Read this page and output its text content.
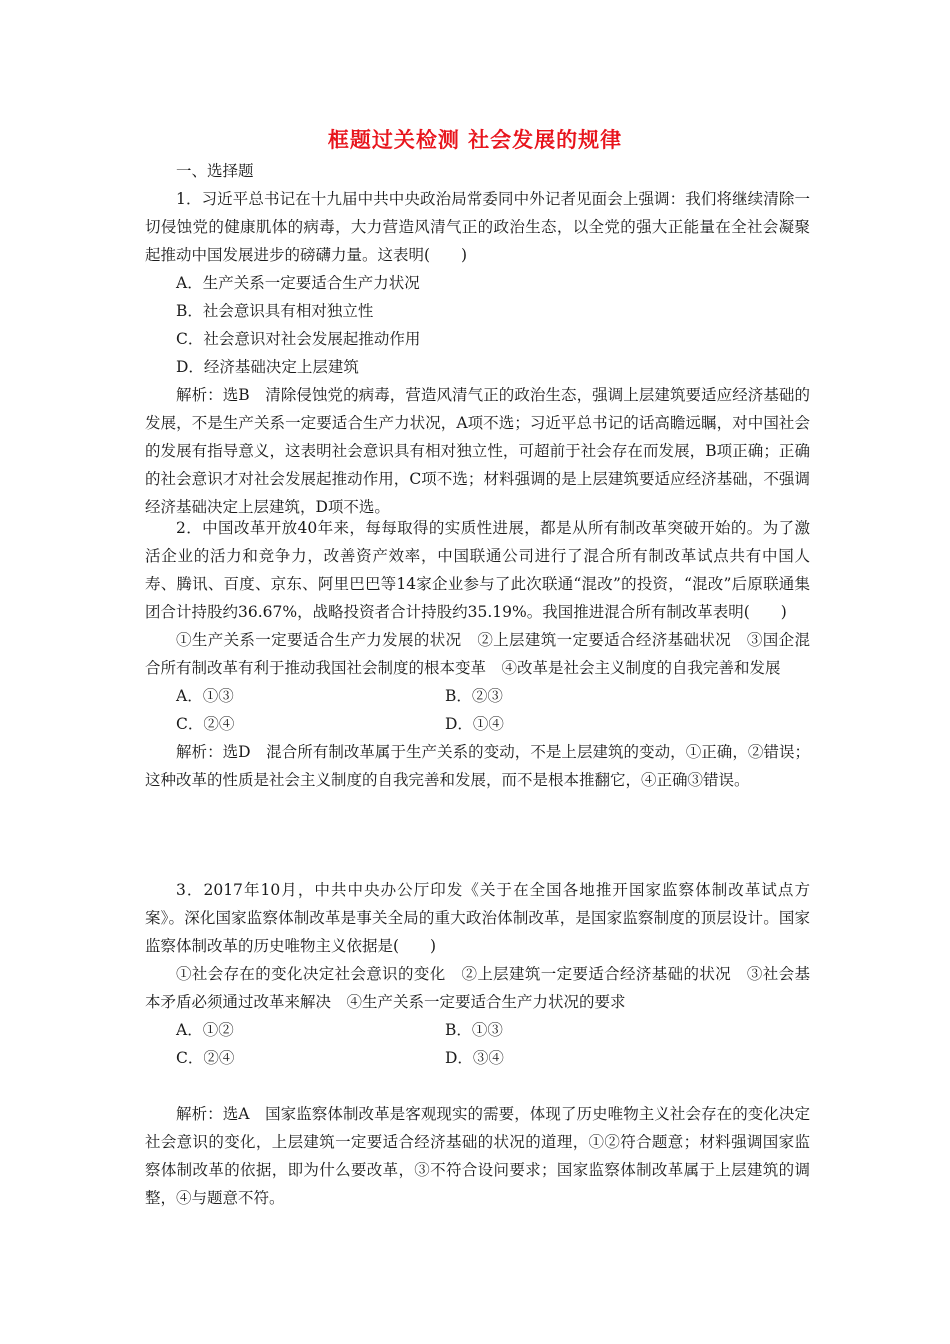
框题过关检测 社会发展的规律

一、选择题

1．习近平总书记在十九届中共中央政治局常委同中外记者见面会上强调：我们将继续清除一切侵蚀党的健康肌体的病毒，大力营造风清气正的政治生态，以全党的强大正能量在全社会凝聚起推动中国发展进步的磅礴力量。这表明(　　)

A．生产关系一定要适合生产力状况

B．社会意识具有相对独立性

C．社会意识对社会发展起推动作用

D．经济基础决定上层建筑

解析：选B　清除侵蚀党的病毒，营造风清气正的政治生态，强调上层建筑要适应经济基础的发展，不是生产关系一定要适合生产力状况，A项不选；习近平总书记的话高瞻远瞩，对中国社会的发展有指导意义，这表明社会意识具有相对独立性，可超前于社会存在而发展，B项正确；正确的社会意识才对社会发展起推动作用，C项不选；材料强调的是上层建筑要适应经济基础，不强调经济基础决定上层建筑，D项不选。

2．中国改革开放40年来，每每取得的实质性进展，都是从所有制改革突破开始的。为了激活企业的活力和竞争力，改善资产效率，中国联通公司进行了混合所有制改革试点共有中国人寿、腾讯、百度、京东、阿里巴巴等14家企业参与了此次联通“混改”的投资，“混改”后原联通集团合计持股约36.67%，战略投资者合计持股约35.19%。我国推进混合所有制改革表明(　　)

①生产关系一定要适合生产力发展的状况　②上层建筑一定要适合经济基础状况　③国企混合所有制改革有利于推动我国社会制度的根本变革　④改革是社会主义制度的自我完善和发展

A．①③	B．②③
C．②④	D．①④

解析：选D　混合所有制改革属于生产关系的变动，不是上层建筑的变动，①正确，②错误；这种改革的性质是社会主义制度的自我完善和发展，而不是根本推翻它，④正确③错误。

3．2017年10月，中共中央办公厅印发《关于在全国各地推开国家监察体制改革试点方案》。深化国家监察体制改革是事关全局的重大政治体制改革，是国家监察制度的顶层设计。国家监察体制改革的历史唯物主义依据是(　　)

①社会存在的变化决定社会意识的变化　②上层建筑一定要适合经济基础的状况　③社会基本矛盾必须通过改革来解决　④生产关系一定要适合生产力状况的要求

A．①②	B．①③
C．②④	D．③④

解析：选A　国家监察体制改革是客观现实的需要，体现了历史唯物主义社会存在的变化决定社会意识的变化，上层建筑一定要适合经济基础的状况的道理，①②符合题意；材料强调国家监察体制改革的依据，即为什么要改革，③不符合设问要求；国家监察体制改革属于上层建筑的调整，④与题意不符。
